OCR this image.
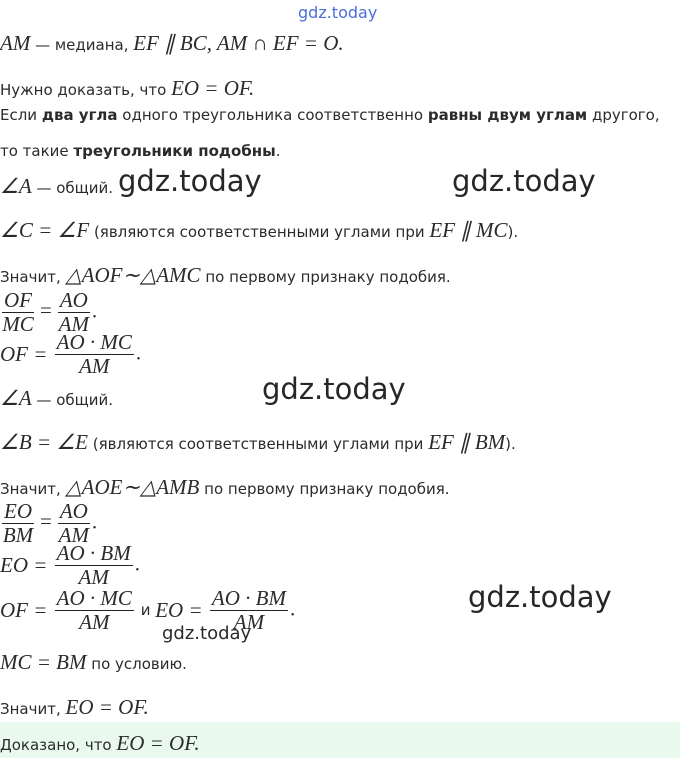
gdz.today
AM — медиана, EF ∥ BC, AM ∩ EF = O.
Нужно доказать, что EO = OF.
Если два угла одного треугольника соответственно равны двум углам другого,
то такие треугольники подобны.
∠A — общий. gdz.today	gdz.today
∠C = ∠F (являются соответственными углами при EF ∥ MC).
Значит, △AOF∼△AMC по первому признаку подобия.
$\frac{OF}{MC} = \frac{AO}{AM}$ .
OF = $\frac{AO \cdot MC}{AM}$ .
∠A — общий.	gdz.today
∠B = ∠E (являются соответственными углами при EF ∥ BM).
Значит, △AOE∼△AMB по первому признаку подобия.
$\frac{EO}{BM} = \frac{AO}{AM}$ .
EO = $\frac{AO \cdot BM}{AM}$ .
OF = $\frac{AO \cdot MC}{AM}$ и EO = $\frac{AO \cdot BM}{AM}$ .	gdz.today
gdz.today
MC = BM по условию.
Значит, EO = OF.
Доказано, что EO = OF.
